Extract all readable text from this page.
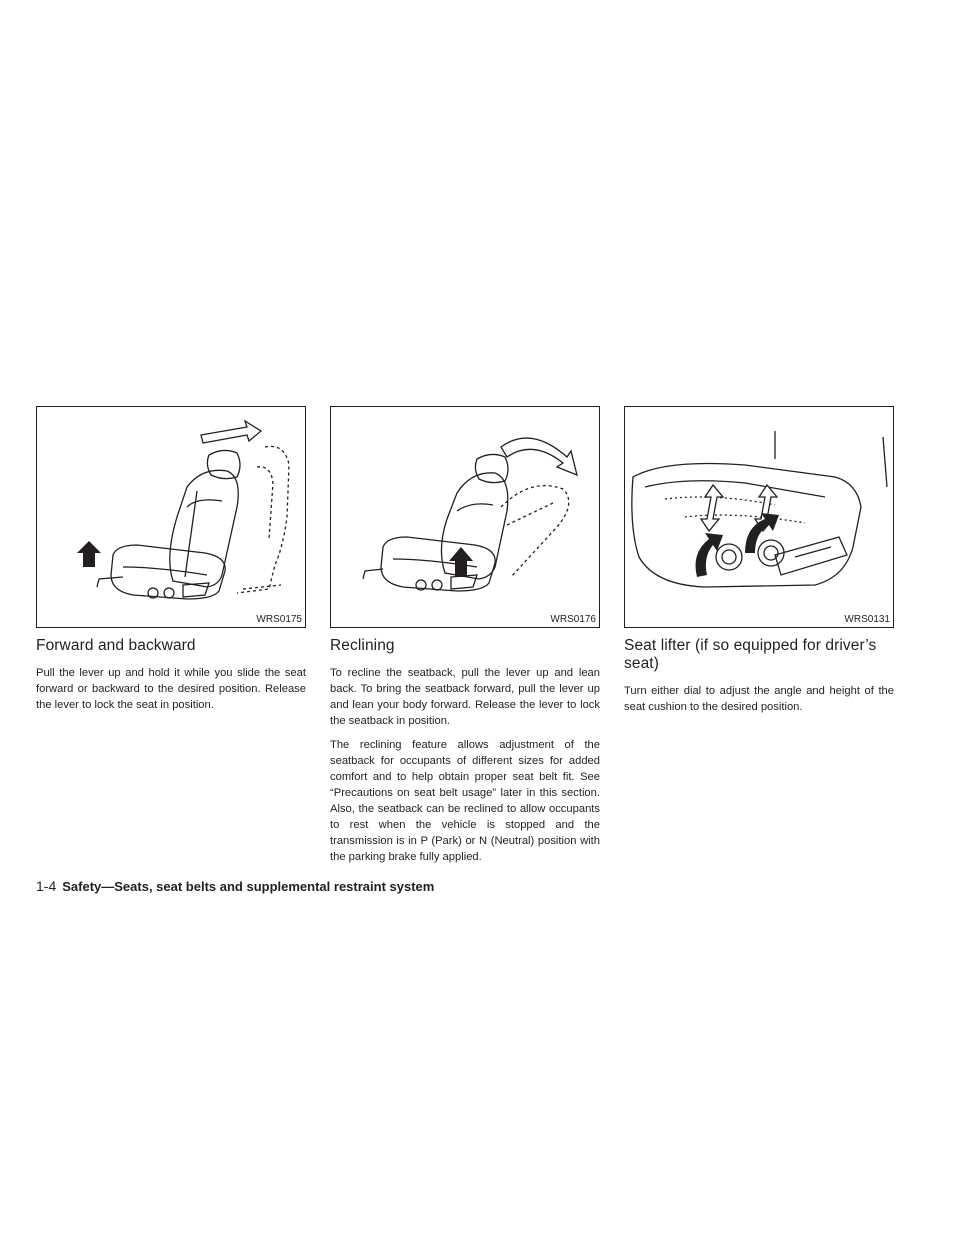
WRS0175
Forward and backward

Pull the lever up and hold it while you slide the seat forward or backward to the desired position. Release the lever to lock the seat in position.

WRS0176
Reclining

To recline the seatback, pull the lever up and lean back. To bring the seatback forward, pull the lever up and lean your body forward. Release the lever to lock the seatback in position.

The reclining feature allows adjustment of the seatback for occupants of different sizes for added comfort and to help obtain proper seat belt fit. See “Precautions on seat belt usage” later in this section. Also, the seatback can be reclined to allow occupants to rest when the vehicle is stopped and the transmission is in P (Park) or N (Neutral) position with the parking brake fully applied.

WRS0131
Seat lifter (if so equipped for driver’s seat)

Turn either dial to adjust the angle and height of the seat cushion to the desired position.

1-4 Safety—Seats, seat belts and supplemental restraint system
